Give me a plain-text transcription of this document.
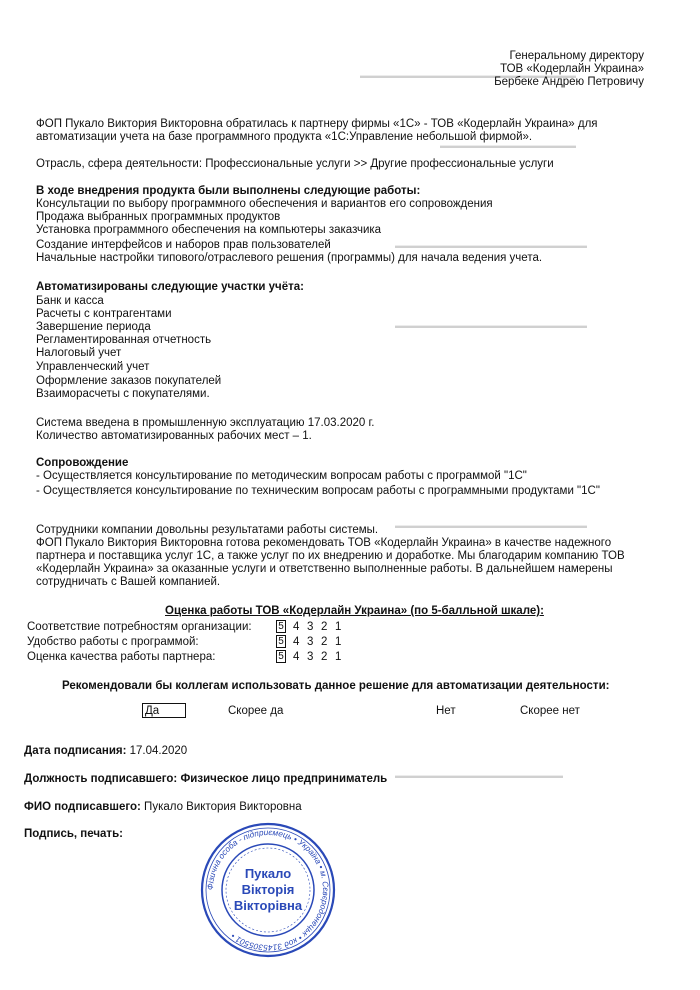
▬▬▬▬▬▬▬▬▬▬▬▬▬▬▬▬▬▬▬▬▬▬▬▬▬▬▬
▬▬▬▬▬▬▬▬▬▬▬▬▬▬▬▬▬
▬▬▬▬▬▬▬▬▬▬▬▬▬▬▬▬▬▬▬▬▬▬▬▬
▬▬▬▬▬▬▬▬▬▬▬▬▬▬▬▬▬▬▬▬▬▬▬▬
▬▬▬▬▬▬▬▬▬▬▬▬▬▬▬▬▬▬▬▬▬▬▬▬
▬▬▬▬▬▬▬▬▬▬▬▬▬▬▬▬▬▬▬▬▬
Генеральному директору
ТОВ «Кодерлайн Украина»
Бербеке Андрею Петровичу
ФОП Пукало Виктория Викторовна обратилась к партнеру фирмы «1С» - ТОВ «Кодерлайн Украина» для
автоматизации учета на базе программного продукта «1С:Управление небольшой фирмой».
Отрасль, сфера деятельности: Профессиональные услуги >> Другие профессиональные услуги
В ходе внедрения продукта были выполнены следующие работы:
Консультации по выбору программного обеспечения и вариантов его сопровождения
Продажа выбранных программных продуктов
Установка программного обеспечения на компьютеры заказчика
Создание интерфейсов и наборов прав пользователей
Начальные настройки типового/отраслевого решения (программы) для начала ведения учета.
Автоматизированы следующие участки учёта:
Банк и касса
Расчеты с контрагентами
Завершение периода
Регламентированная отчетность
Налоговый учет
Управленческий учет
Оформление заказов покупателей
Взаиморасчеты с покупателями.
Система введена в промышленную эксплуатацию 17.03.2020 г.
Количество автоматизированных рабочих мест – 1.
Сопровождение
- Осуществляется консультирование по методическим вопросам работы с программой "1С"
- Осуществляется консультирование по техническим вопросам работы с программными продуктами "1С"
Сотрудники компании довольны результатами работы системы.
ФОП Пукало Виктория Викторовна готова рекомендовать ТОВ «Кодерлайн Украина» в качестве надежного
партнера и поставщика услуг 1С, а также услуг по их внедрению и доработке. Мы благодарим компанию ТОВ
«Кодерлайн Украина» за оказанные услуги и ответственно выполненные работы. В дальнейшем намерены
сотрудничать с Вашей компанией.
Оценка работы ТОВ «Кодерлайн Украина» (по 5-балльной шкале):
Соответствие потребностям организации:	5 4 3 2 1
Удобство работы с программой:	5 4 3 2 1
Оценка качества работы партнера:	5 4 3 2 1
Рекомендовали бы коллегам использовать данное решение для автоматизации деятельности:
Да	Скорее да	Нет	Скорее нет
Дата подписания: 17.04.2020
Должность подписавшего: Физическое лицо предприниматель
ФИО подписавшего: Пукало Виктория Викторовна
Подпись, печать:
Фізична особа - підприємець • Україна • м. Сєвєродонецьк • код 3145305501 •
Пукало
Вікторія
Вікторівна
